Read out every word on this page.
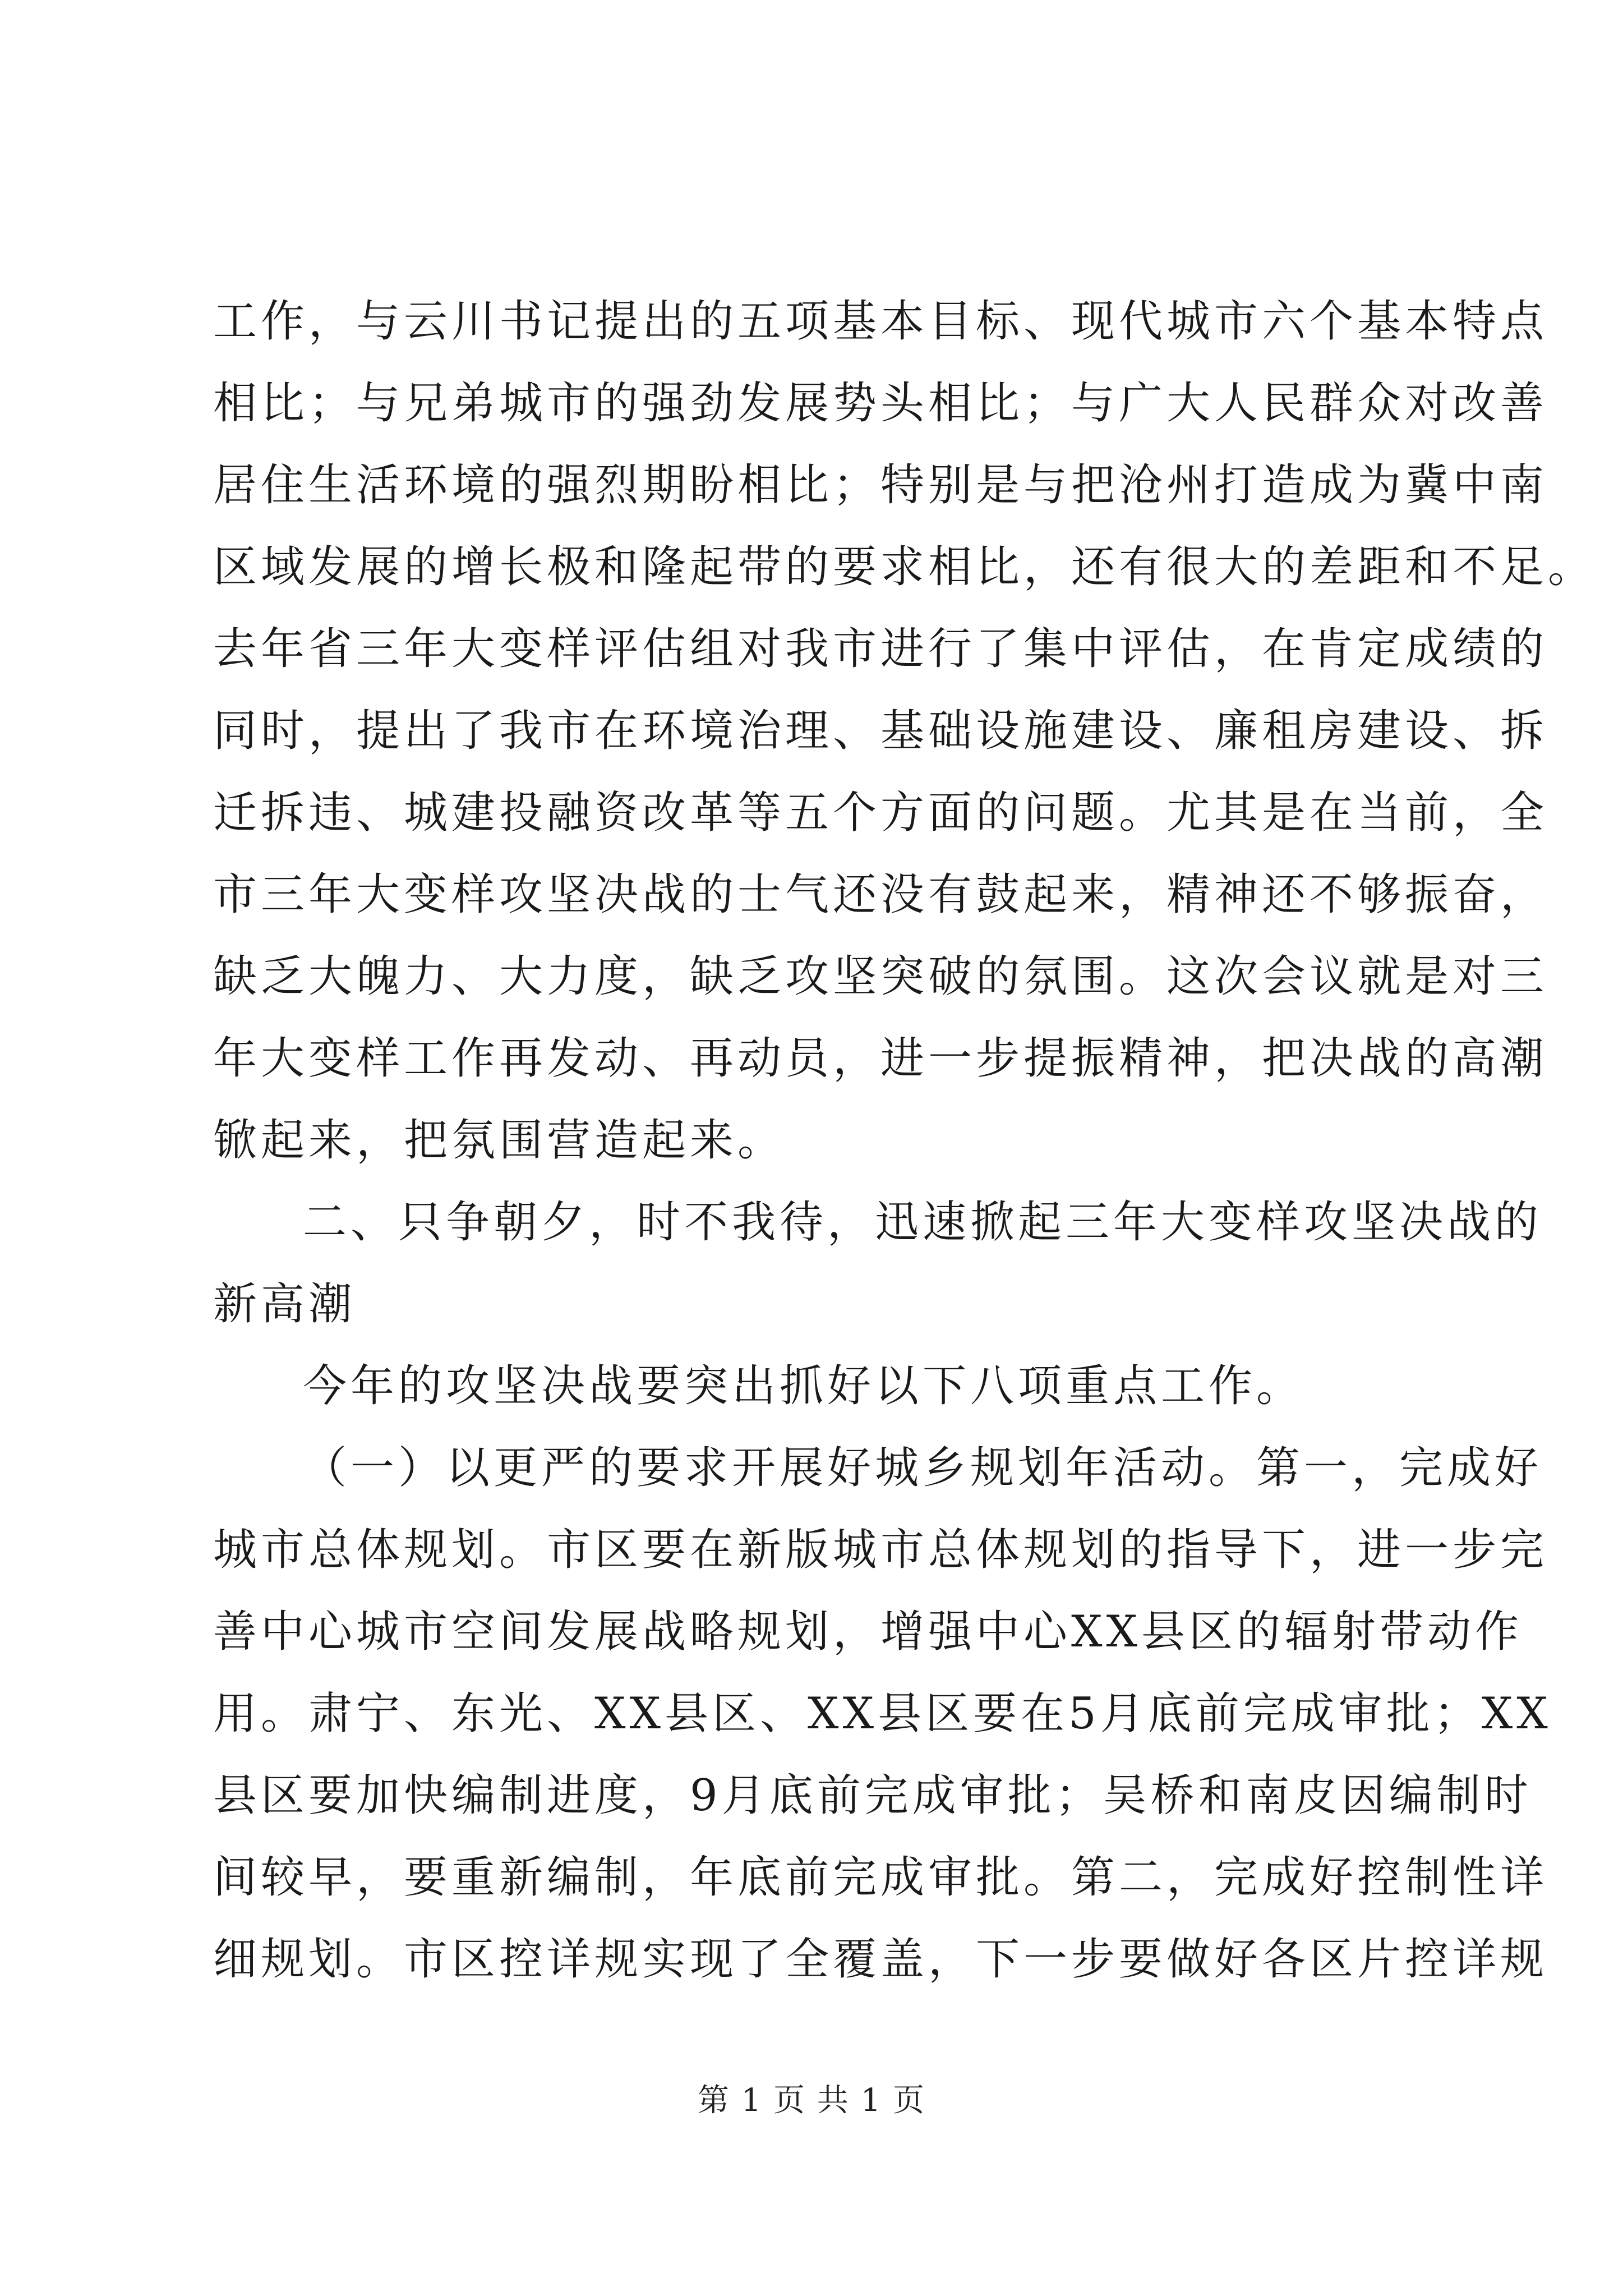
工作，与云川书记提出的五项基本目标、现代城市六个基本特点
相比；与兄弟城市的强劲发展势头相比；与广大人民群众对改善
居住生活环境的强烈期盼相比；特别是与把沧州打造成为冀中南
区域发展的增长极和隆起带的要求相比，还有很大的差距和不足。
去年省三年大变样评估组对我市进行了集中评估，在肯定成绩的
同时，提出了我市在环境治理、基础设施建设、廉租房建设、拆
迁拆违、城建投融资改革等五个方面的问题。尤其是在当前，全
市三年大变样攻坚决战的士气还没有鼓起来，精神还不够振奋，
缺乏大魄力、大力度，缺乏攻坚突破的氛围。这次会议就是对三
年大变样工作再发动、再动员，进一步提振精神，把决战的高潮
锨起来，把氛围营造起来。
二、只争朝夕，时不我待，迅速掀起三年大变样攻坚决战的
新高潮
今年的攻坚决战要突出抓好以下八项重点工作。
（一）以更严的要求开展好城乡规划年活动。第一，完成好
城市总体规划。市区要在新版城市总体规划的指导下，进一步完
善中心城市空间发展战略规划，增强中心XX县区的辐射带动作
用。肃宁、东光、XX县区、XX县区要在5月底前完成审批；XX
县区要加快编制进度，9月底前完成审批；吴桥和南皮因编制时
间较早，要重新编制，年底前完成审批。第二，完成好控制性详
细规划。市区控详规实现了全覆盖，下一步要做好各区片控详规
第 1 页 共 1 页
